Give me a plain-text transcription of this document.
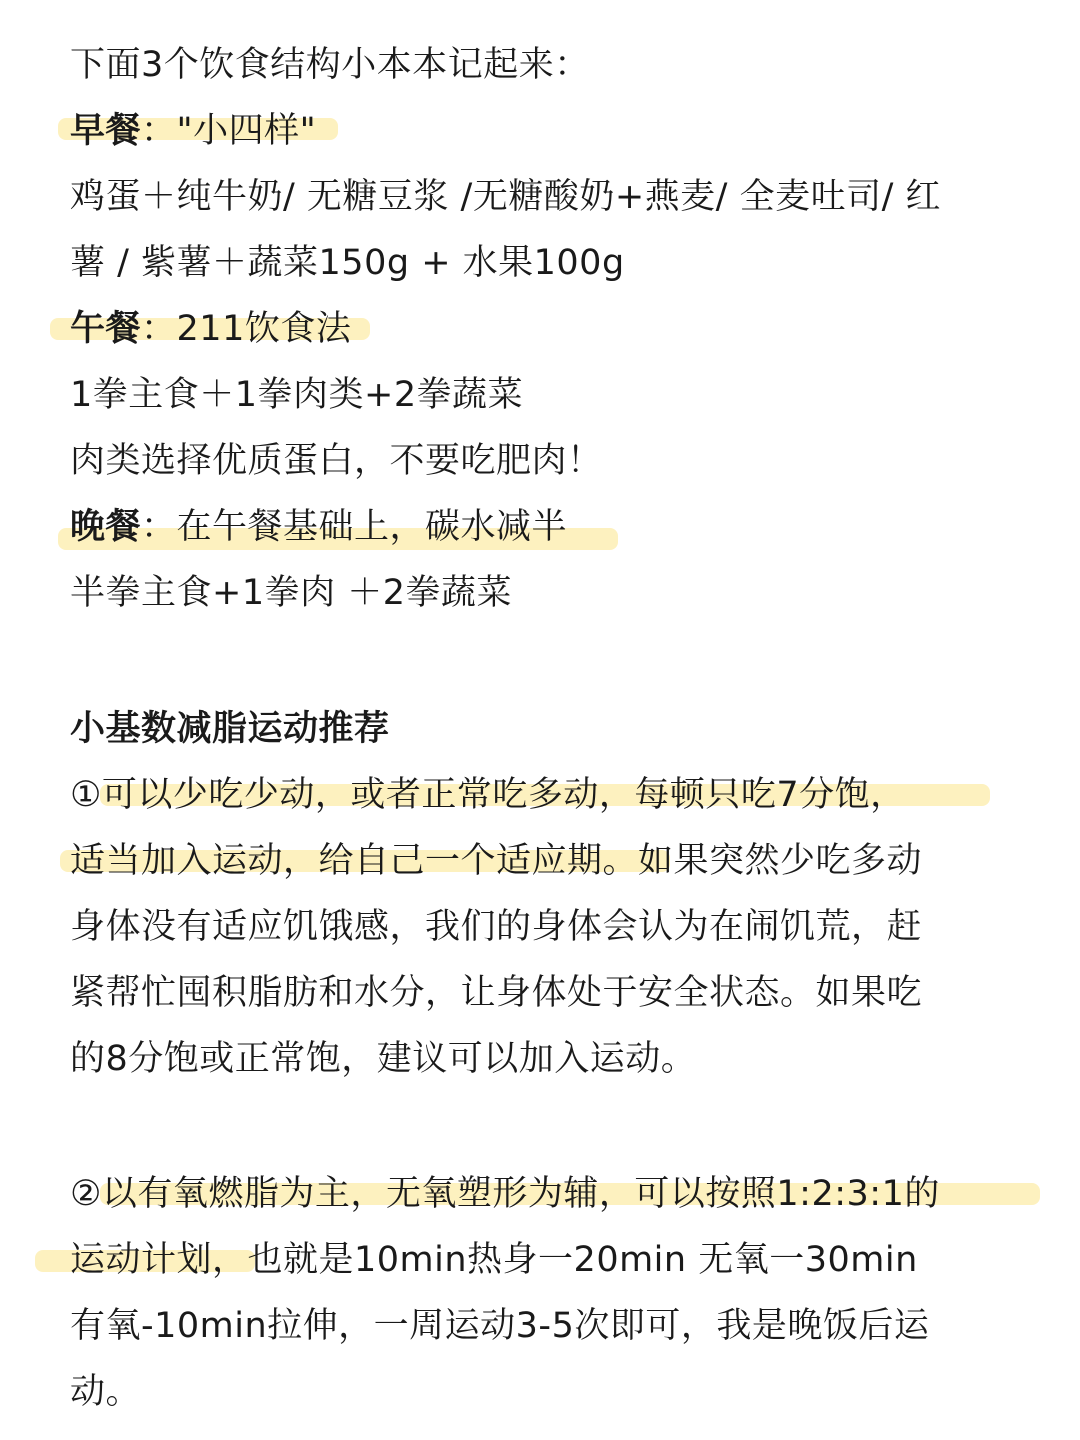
下面3个饮食结构小本本记起来：
早餐："小四样"
鸡蛋＋纯牛奶/ 无糖豆浆 /无糖酸奶+燕麦/ 全麦吐司/ 红
薯 / 紫薯＋蔬菜150g + 水果100g
午餐：211饮食法
1拳主食＋1拳肉类+2拳蔬菜
肉类选择优质蛋白，不要吃肥肉！
晚餐：在午餐基础上，碳水减半
半拳主食+1拳肉 ＋2拳蔬菜
小基数减脂运动推荐
①可以少吃少动，或者正常吃多动，每顿只吃7分饱，
适当加入运动，给自己一个适应期。如果突然少吃多动
身体没有适应饥饿感，我们的身体会认为在闹饥荒，赶
紧帮忙囤积脂肪和水分，让身体处于安全状态。如果吃
的8分饱或正常饱，建议可以加入运动。
②以有氧燃脂为主，无氧塑形为辅，可以按照1:2:3:1的
运动计划，也就是10min热身一20min 无氧一30min
有氧-10min拉伸，一周运动3-5次即可，我是晚饭后运
动。
